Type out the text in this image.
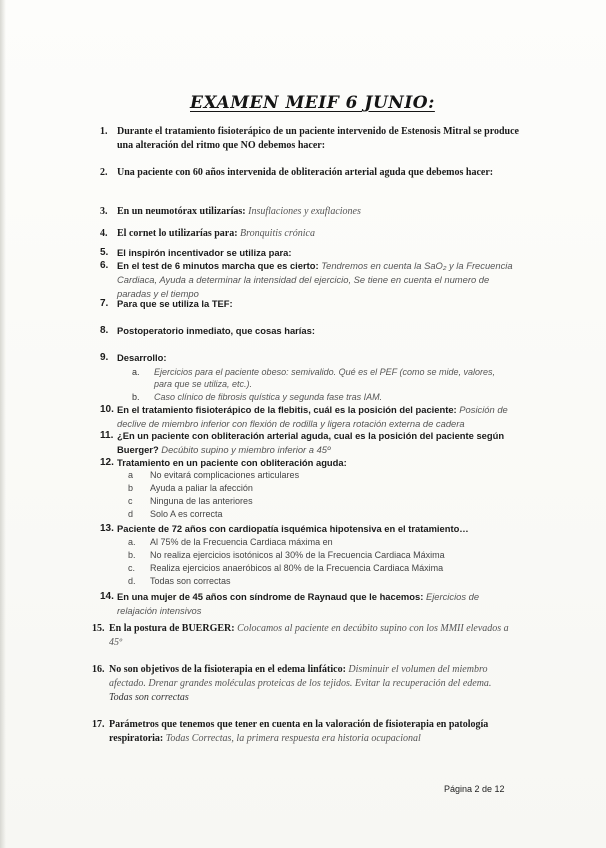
EXAMEN MEIF 6 JUNIO:
1. Durante el tratamiento fisioterápico de un paciente intervenido de Estenosis Mitral se produce una alteración del ritmo que NO debemos hacer:
2. Una paciente con 60 años intervenida de obliteración arterial aguda que debemos hacer:
3. En un neumotórax utilizarías: Insuflaciones y exuflaciones
4. El cornet lo utilizarías para: Bronquitis crónica
5. El inspirón incentivador se utiliza para:
6. En el test de 6 minutos marcha que es cierto: Tendremos en cuenta la SaO₂ y la Frecuencia Cardiaca, Ayuda a determinar la intensidad del ejercicio, Se tiene en cuenta el numero de paradas y el tiempo
7. Para que se utiliza la TEF:
8. Postoperatorio inmediato, que cosas harías:
9. Desarrollo:
a.	Ejercicios para el paciente obeso: semivalido. Qué es el PEF (como se mide, valores, para que se utiliza, etc.).
b.	Caso clínico de fibrosis quística y segunda fase tras IAM.
10. En el tratamiento fisioterápico de la flebitis, cuál es la posición del paciente: Posición de declive de miembro inferior con flexión de rodilla y ligera rotación externa de cadera
11. ¿En un paciente con obliteración arterial aguda, cual es la posición del paciente según Buerger? Decúbito supino y miembro inferior a 45º
12. Tratamiento en un paciente con obliteración aguda:
a	No evitará complicaciones articulares
b	Ayuda a paliar la afección
c	Ninguna de las anteriores
d	Solo A es correcta
13. Paciente de 72 años con cardiopatía isquémica hipotensiva en el tratamiento…
a.	Al 75% de la Frecuencia Cardiaca máxima en
b.	No realiza ejercicios isotónicos al 30% de la Frecuencia Cardiaca Máxima
c.	Realiza ejercicios anaeróbicos al 80% de la Frecuencia Cardiaca Máxima
d.	Todas son correctas
14. En una mujer de 45 años con síndrome de Raynaud que le hacemos: Ejercicios de relajación intensivos
15. En la postura de BUERGER: Colocamos al paciente en decúbito supino con los MMII elevados a 45º
16. No son objetivos de la fisioterapia en el edema linfático: Disminuir el volumen del miembro afectado. Drenar grandes moléculas proteicas de los tejidos. Evitar la recuperación del edema. Todas son correctas
17. Parámetros que tenemos que tener en cuenta en la valoración de fisioterapia en patología respiratoria: Todas Correctas, la primera respuesta era historia ocupacional
Página 2 de 12
